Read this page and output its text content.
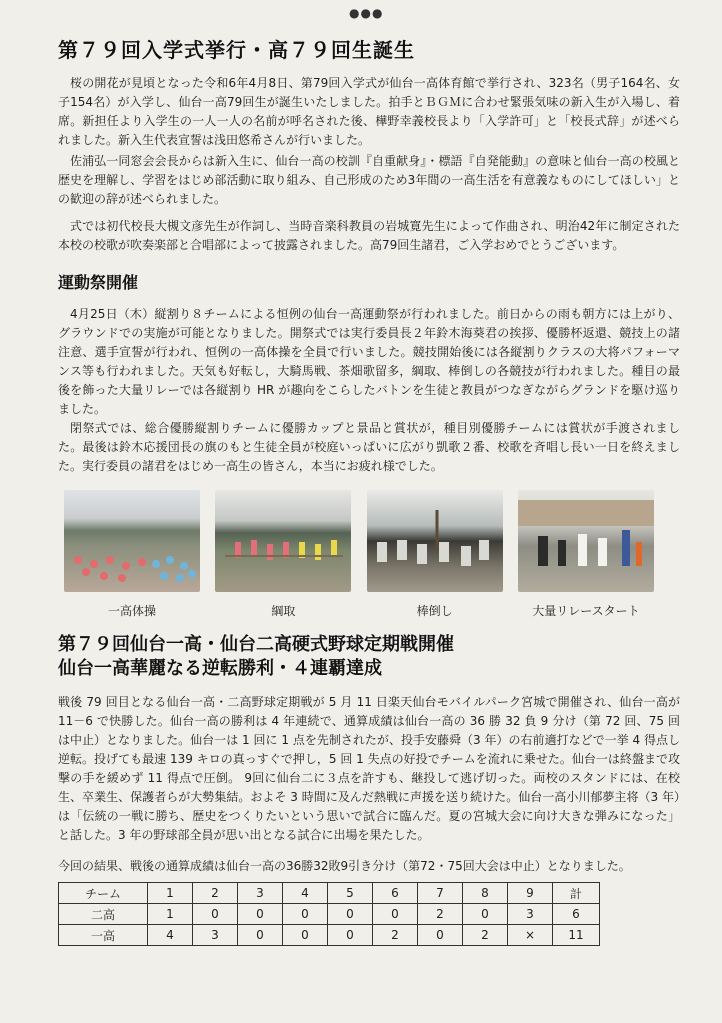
●●●
第７９回入学式挙行・高７９回生誕生

桜の開花が見頃となった令和6年4月8日、第79回入学式が仙台一高体育館で挙行され、323名（男子164名、女子154名）が入学し、仙台一高79回生が誕生いたしました。拍手とＢＧＭに合わせ緊張気味の新入生が入場し、着席。新担任より入学生の一人一人の名前が呼名された後、樺野幸義校長より「入学許可」と「校長式辞」が述べられました。新入生代表宣誓は浅田悠希さんが行いました。

佐浦弘一同窓会会長からは新入生に、仙台一高の校訓『自重献身』・標語『自発能動』の意味と仙台一高の校風と歴史を理解し、学習をはじめ部活動に取り組み、自己形成のため3年間の一高生活を有意義なものにしてほしい」との歓迎の辞が述べられました。

式では初代校長大槻文彦先生が作詞し、当時音楽科教員の岩城寛先生によって作曲され、明治42年に制定された本校の校歌が吹奏楽部と合唱部によって披露されました。高79回生諸君，ご入学おめでとうございます。

運動祭開催

4月25日（木）縦割り８チームによる恒例の仙台一高運動祭が行われました。前日からの雨も朝方には上がり、グラウンドでの実施が可能となりました。開祭式では実行委員長２年鈴木海葵君の挨拶、優勝杯返還、競技上の諸注意、選手宣誓が行われ、恒例の一高体操を全員で行いました。競技開始後には各縦割りクラスの大将パフォーマンス等も行われました。天気も好転し，大騎馬戦、茶畑歌留多，綱取、棒倒しの各競技が行われました。種目の最後を飾った大量リレーでは各縦割り HR が趣向をこらしたバトンを生徒と教員がつなぎながらグランドを駆け巡りました。

閉祭式では、総合優勝縦割りチームに優勝カップと景品と賞状が，種目別優勝チームには賞状が手渡されました。最後は鈴木応援団長の旗のもと生徒全員が校庭いっぱいに広がり凱歌２番、校歌を斉唱し長い一日を終えました。実行委員の諸君をはじめ一高生の皆さん，本当にお疲れ様でした。

一高体操	綱取	棒倒し	大量リレースタート
第７９回仙台一高・仙台二高硬式野球定期戦開催
仙台一高華麗なる逆転勝利・４連覇達成

戦後 79 回目となる仙台一高・二高野球定期戦が 5 月 11 日楽天仙台モバイルパーク宮城で開催され、仙台一高が 11－6 で快勝した。仙台一高の勝利は 4 年連続で、通算成績は仙台一高の 36 勝 32 負 9 分け（第 72 回、75 回は中止）となりました。仙台一は 1 回に 1 点を先制されたが、投手安藤舜（3 年）の右前適打などで一挙 4 得点し逆転。投げても最速 139 キロの真っすぐで押し，5 回 1 失点の好投でチームを流れに乗せた。仙台一は終盤まで攻撃の手を緩めず 11 得点で圧倒。 9回に仙台二に３点を許すも、継投して逃げ切った。両校のスタンドには、在校生、卒業生、保護者らが大勢集結。およそ 3 時間に及んだ熱戦に声援を送り続けた。仙台一高小川郁夢主将（3 年）は「伝統の一戦に勝ち、歴史をつくりたいという思いで試合に臨んだ。夏の宮城大会に向け大きな弾みになった」と話した。3 年の野球部全員が思い出となる試合に出場を果たした。

今回の結果、戦後の通算成績は仙台一高の36勝32敗9引き分け（第72・75回大会は中止）となりました。

チーム	1	2	3	4	5	6	7	8	9	計
二高	1	0	0	0	0	0	2	0	3	6
一高	4	3	0	0	0	2	0	2	×	11
